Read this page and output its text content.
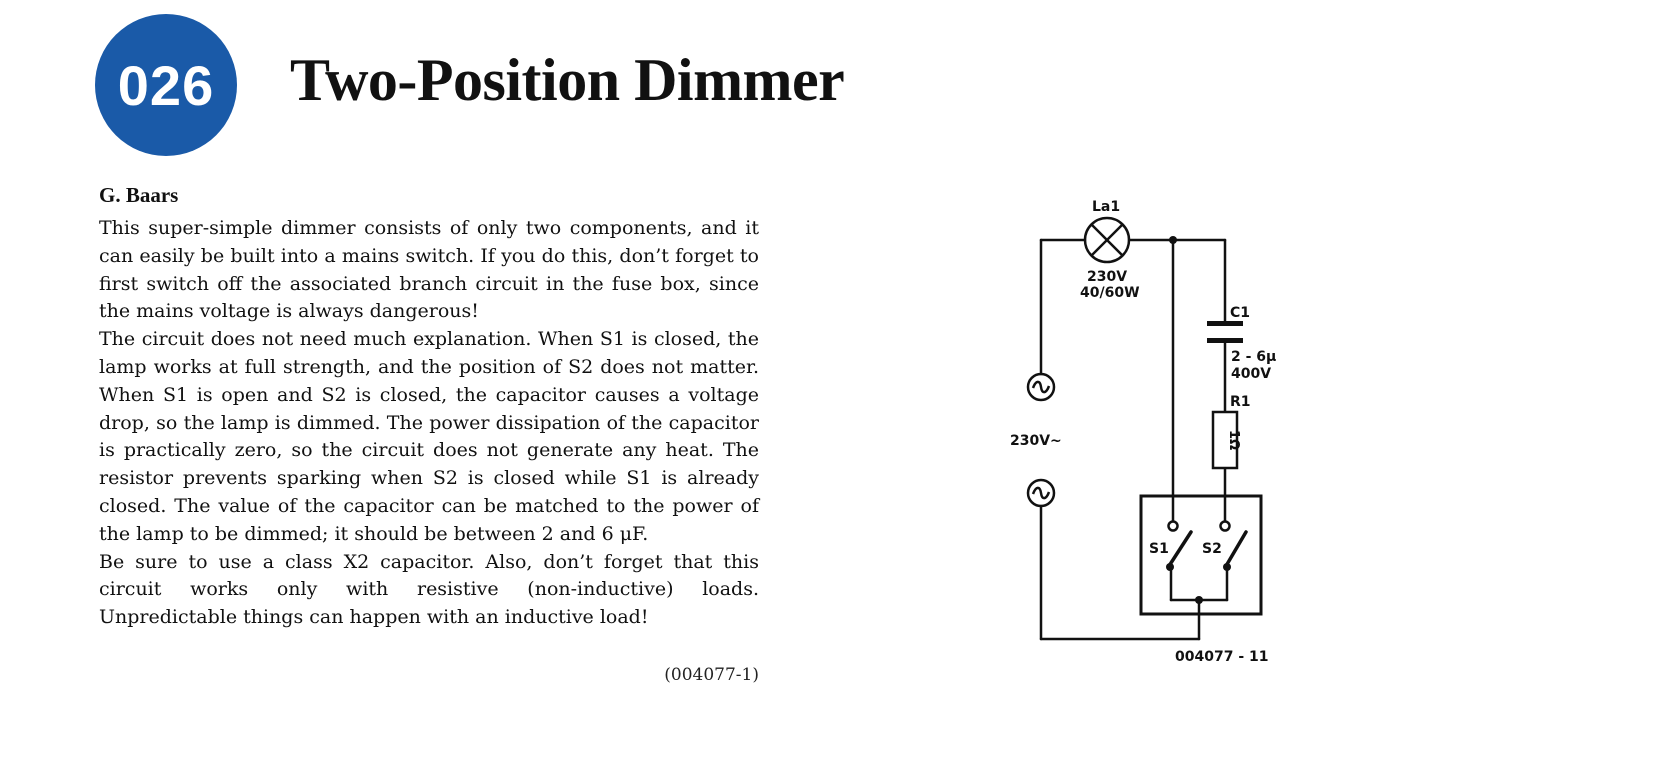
026	Two-Position Dimmer
G. Baars

This super-simple dimmer consists of only two components, and it can easily be built into a mains switch. If you do this, don’t forget to first switch off the associated branch circuit in the fuse box, since the mains voltage is always dangerous!

The circuit does not need much explanation. When S1 is closed, the lamp works at full strength, and the position of S2 does not matter. When S1 is open and S2 is closed, the capacitor causes a voltage drop, so the lamp is dimmed. The power dissipation of the capacitor is practically zero, so the circuit does not generate any heat. The resistor prevents sparking when S2 is closed while S1 is already closed. The value of the capacitor can be matched to the power of the lamp to be dimmed; it should be between 2 and 6 μF.

Be sure to use a class X2 capacitor. Also, don’t forget that this circuit works only with resistive (non-inductive) loads. Unpredictable things can happen with an inductive load!

(004077-1)
La1
230V
40/60W
C1
2 - 6µ
400V
R1
1Ω
230V~
S1 S2
004077 - 11
